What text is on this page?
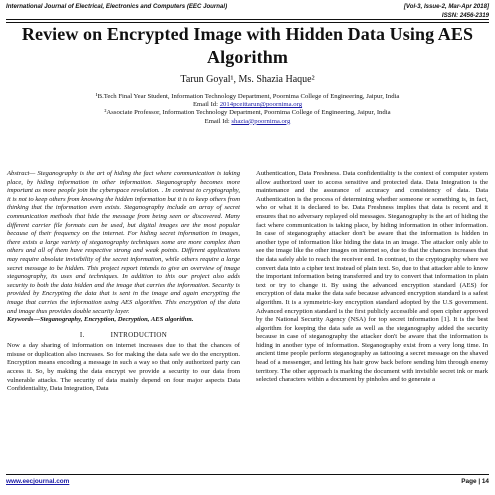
International Journal of Electrical, Electronics and Computers (EEC Journal)	[Vol-3, Issue-2, Mar-Apr 2018]
ISSN: 2456-2319
Review on Encrypted Image with Hidden Data Using AES Algorithm
Tarun Goyal¹, Ms. Shazia Haque²
¹B.Tech Final Year Student, Information Technology Department, Poornima College of Engineering, Jaipur, India
Email Id: 2014pceittarun@poornima.org
²Associate Professor, Information Technology Department, Poornima College of Engineering, Jaipur, India
Email Id: shazia@poornima.org

Abstract— Steganography is the art of hiding the fact where communication is taking place, by hiding information in other information. Steganography becomes more important as more people join the cyberspace revolution. . In contrast to cryptography, it is not to keep others from knowing the hidden information but it is to keep others from thinking that the information even exists. Steganography include an array of secret communication methods that hide the message from being seen or discovered. Many different carrier file formats can be used, but digital images are the most popular because of their frequency on the internet. For hiding secret information in images, there exists a large variety of steganography techniques some are more complex than others and all of them have respective strong and weak points. Different applications may require absolute invisibility of the secret information, while others require a large secret message to be hidden. This project report intends to give an overview of image steganography, its uses and techniques. In addition to this our project also adds security to both the data hidden and the image that carries the information. Security is provided by Encrypting the data that is sent in the image and again encrypting the image that carries the information using AES algorithm. This encryption of the data and image thus provides double security layer.

Keywords—Steganography, Encryption, Decryption, AES algorithm.

I.	INTRODUCTION

Now a day sharing of information on internet increases due to that the chances of misuse or duplication also increases. So for making the data safe we do the encryption. Encryption means encoding a message in such a way so that only authorized party can access it. So, by making the data encrypt we provide a security to our data from vulnerable attacks. The security of data mainly depend on four major aspects Data Confidentiality, Data Integration, Data

Authentication, Data Freshness. Data confidentiality is the context of computer system allow authorized user to access sensitive and protected data. Data Integration is the maintenance and the assurance of accuracy and consistency of data. Data Authentication is the process of determining whether someone or something is, in fact, who or what it is declared to be. Data Freshness implies that data is recent and it ensures that no adversary replayed old messages. Steganography is the art of hiding the fact where communication is taking place, by hiding information in other information. In case of steganography attacker don't be aware that the information is hidden in another type of information like hiding the data in an image. The attacker only able to see the image like the other images on internet so, due to that the chances increases that the data safely able to reach the receiver end. In contrast, to the cryptography where we convert data into a cipher text instead of plain text. So, due to that attacker able to know the important information being transferred and try to convert that information in plain text or try to change it. By using the advanced encryption standard (AES) for encryption of data make the data safe because advanced encryption standard is a safest algorithm. It is a symmetric-key encryption standard adopted by the U.S government. Advanced encryption standard is the first publicly accessible and open cipher approved by the National Security Agency (NSA) for top secret information [1]. It is the best algorithm for keeping the data safe as well as the steganography added the security because in case of steganography the attacker don't be aware that the information is hiding in another type of information. Steganography exist from a very long time. In ancient time people perform steganography as tattooing a secret message on the shaved head of a messenger, and letting his hair grow back before sending him through enemy territory. The other approach is marking the document with invisible secret ink or mark selected characters within a document by pinholes and to generate a

www.eecjournal.com	Page | 14
